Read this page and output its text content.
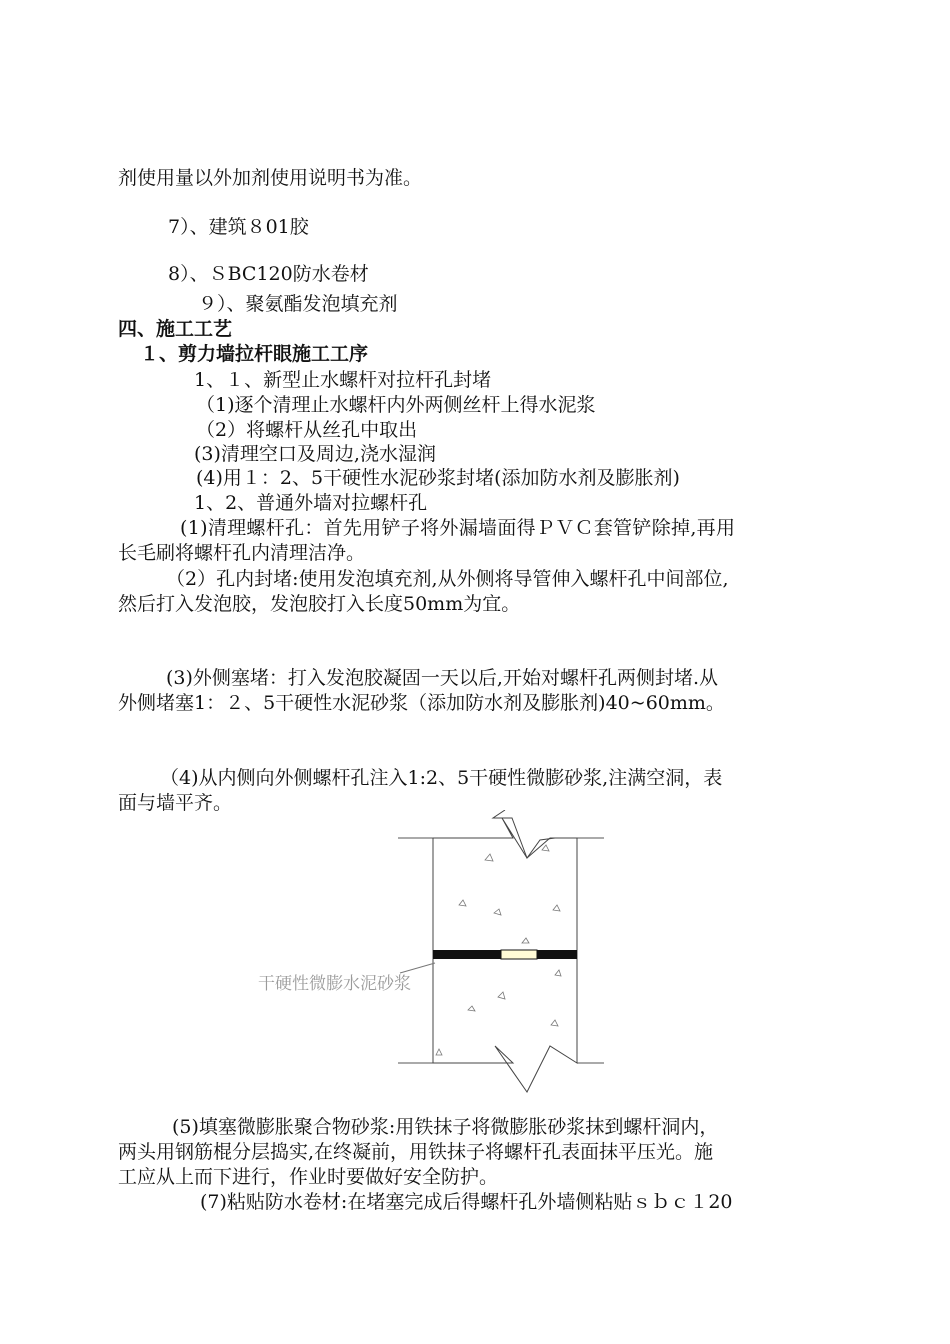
剂使用量以外加剂使用说明书为准。
7）、建筑８01胶
8）、ＳBC120防水卷材
９）、聚氨酯发泡填充剂
四、施工工艺
１、剪力墙拉杆眼施工工序
1、１、新型止水螺杆对拉杆孔封堵
（1)逐个清理止水螺杆内外两侧丝杆上得水泥浆
（2）将螺杆从丝孔中取出
(3)清理空口及周边,浇水湿润
(4)用１：2、5干硬性水泥砂浆封堵(添加防水剂及膨胀剂)
1、2、普通外墙对拉螺杆孔
(1)清理螺杆孔：首先用铲子将外漏墙面得ＰＶＣ套管铲除掉,再用
长毛刷将螺杆孔内清理洁净。
（2）孔内封堵:使用发泡填充剂,从外侧将导管伸入螺杆孔中间部位,
然后打入发泡胶，发泡胶打入长度50mm为宜。
(3)外侧塞堵：打入发泡胶凝固一天以后,开始对螺杆孔两侧封堵.从
外侧堵塞1：２、5干硬性水泥砂浆（添加防水剂及膨胀剂)40~60mm。
（4)从内侧向外侧螺杆孔注入1:2、5干硬性微膨砂浆,注满空洞，表
面与墙平齐。
干硬性微膨水泥砂浆
(5)填塞微膨胀聚合物砂浆:用铁抹子将微膨胀砂浆抹到螺杆洞内，
两头用钢筋棍分层捣实,在终凝前，用铁抹子将螺杆孔表面抹平压光。施
工应从上而下进行，作业时要做好安全防护。
(7)粘贴防水卷材:在堵塞完成后得螺杆孔外墙侧粘贴ｓｂｃ１20
